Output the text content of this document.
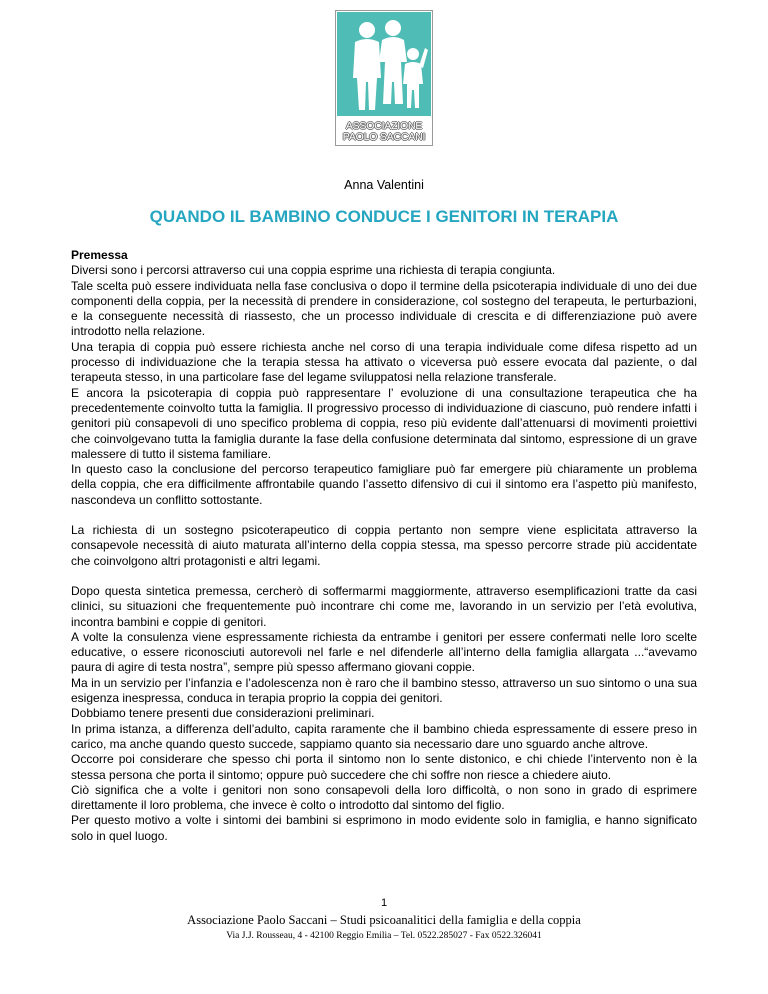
ASSOCIAZIONE
PAOLO SACCANI
Anna Valentini
QUANDO IL BAMBINO CONDUCE I GENITORI IN TERAPIA

Premessa

Diversi sono i percorsi attraverso cui una coppia esprime una richiesta di terapia congiunta.

Tale scelta può essere individuata nella fase conclusiva o dopo il termine della psicoterapia individuale di uno dei due componenti della coppia, per la necessità di prendere in considerazione, col sostegno del terapeuta, le perturbazioni, e la conseguente necessità di riassesto, che un processo individuale di crescita e di differenziazione può avere introdotto nella relazione.

Una terapia di coppia può essere richiesta anche nel corso di una terapia individuale come difesa rispetto ad un processo di individuazione che la terapia stessa ha attivato o viceversa può essere evocata dal paziente, o dal terapeuta stesso, in una particolare fase del legame sviluppatosi nella relazione transferale.

E ancora la psicoterapia di coppia può rappresentare l’ evoluzione di una consultazione terapeutica che ha precedentemente coinvolto tutta la famiglia. Il progressivo processo di individuazione di ciascuno, può rendere infatti i genitori più consapevoli di uno specifico problema di coppia, reso più evidente dall’attenuarsi di movimenti proiettivi che coinvolgevano tutta la famiglia durante la fase della confusione determinata dal sintomo, espressione di un grave malessere di tutto il sistema familiare.

In questo caso la conclusione del percorso terapeutico famigliare può far emergere più chiaramente un problema della coppia, che era difficilmente affrontabile quando l’assetto difensivo di cui il sintomo era l’aspetto più manifesto, nascondeva un conflitto sottostante.

La richiesta di un sostegno psicoterapeutico di coppia pertanto non sempre viene esplicitata attraverso la consapevole necessità di aiuto maturata all’interno della coppia stessa, ma spesso percorre strade più accidentate che coinvolgono altri protagonisti e altri legami.

Dopo questa sintetica premessa, cercherò di soffermarmi maggiormente, attraverso esemplificazioni tratte da casi clinici, su situazioni che frequentemente può incontrare chi come me, lavorando in un servizio per l’età evolutiva, incontra bambini e coppie di genitori.

A volte la consulenza viene espressamente richiesta da entrambe i genitori per essere confermati nelle loro scelte educative, o essere riconosciuti autorevoli nel farle e nel difenderle all’interno della famiglia allargata ...“avevamo paura di agire di testa nostra”, sempre più spesso affermano giovani coppie.

Ma in un servizio per l’infanzia e l’adolescenza non è raro che il bambino stesso, attraverso un suo sintomo o una sua esigenza inespressa, conduca in terapia proprio la coppia dei genitori.

Dobbiamo tenere presenti due considerazioni preliminari.

In prima istanza, a differenza dell’adulto, capita raramente che il bambino chieda espressamente di essere preso in carico, ma anche quando questo succede, sappiamo quanto sia necessario dare uno sguardo anche altrove.

Occorre poi considerare che spesso chi porta il sintomo non lo sente distonico, e chi chiede l’intervento non è la stessa persona che porta il sintomo; oppure può succedere che chi soffre non riesce a chiedere aiuto.

Ciò significa che a volte i genitori non sono consapevoli della loro difficoltà, o non sono in grado di esprimere direttamente il loro problema, che invece è colto o introdotto dal sintomo del figlio.

Per questo motivo a volte i sintomi dei bambini si esprimono in modo evidente solo in famiglia, e hanno significato solo in quel luogo.

1
Associazione Paolo Saccani – Studi psicoanalitici della famiglia e della coppia
Via J.J. Rousseau, 4 - 42100 Reggio Emilia – Tel. 0522.285027 - Fax 0522.326041
